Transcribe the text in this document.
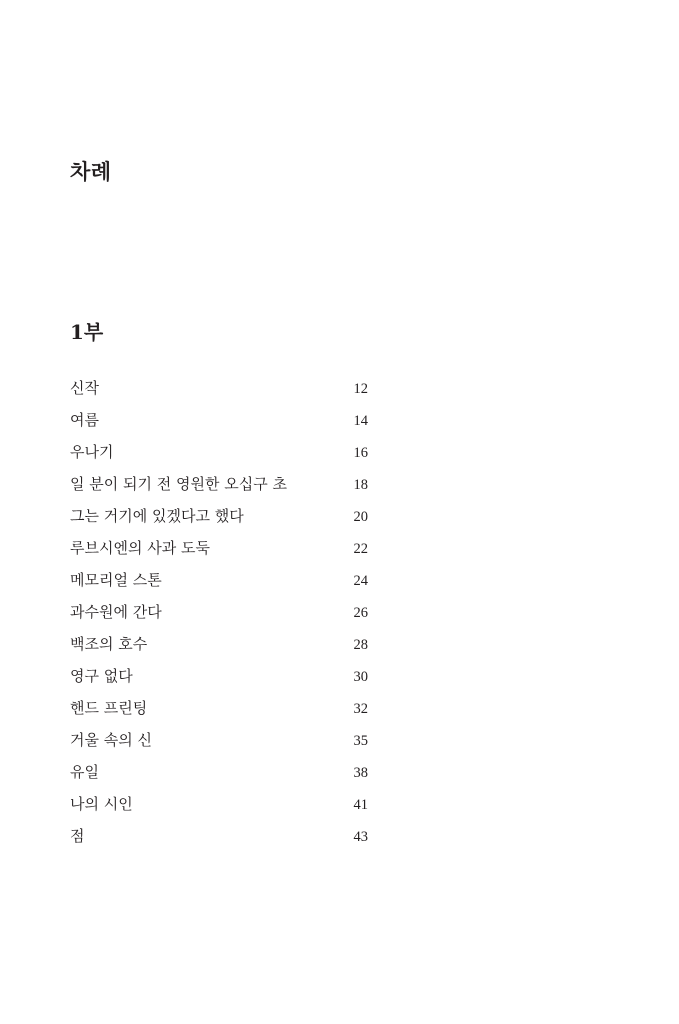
차례
1부
신작	12
여름	14
우나기	16
일 분이 되기 전 영원한 오십구 초	18
그는 거기에 있겠다고 했다	20
루브시엔의 사과 도둑	22
메모리얼 스톤	24
과수원에 간다	26
백조의 호수	28
영구 없다	30
핸드 프린팅	32
거울 속의 신	35
유일	38
나의 시인	41
점	43
